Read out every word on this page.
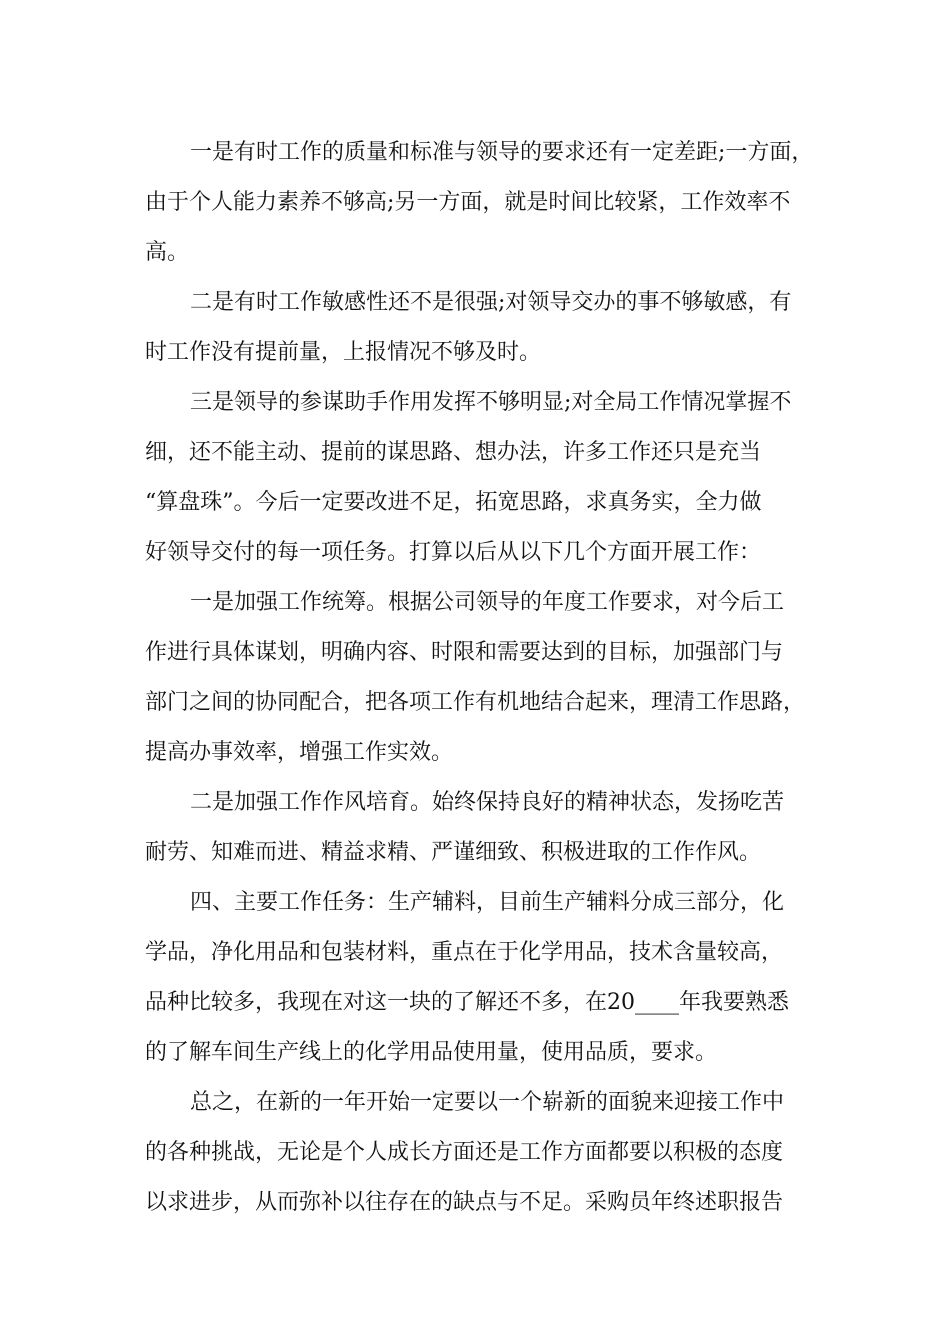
一是有时工作的质量和标准与领导的要求还有一定差距;一方面，
由于个人能力素养不够高;另一方面，就是时间比较紧，工作效率不
高。
二是有时工作敏感性还不是很强;对领导交办的事不够敏感，有
时工作没有提前量，上报情况不够及时。
三是领导的参谋助手作用发挥不够明显;对全局工作情况掌握不
细，还不能主动、提前的谋思路、想办法，许多工作还只是充当
“算盘珠”。今后一定要改进不足，拓宽思路，求真务实，全力做
好领导交付的每一项任务。打算以后从以下几个方面开展工作：
一是加强工作统筹。根据公司领导的年度工作要求，对今后工
作进行具体谋划，明确内容、时限和需要达到的目标，加强部门与
部门之间的协同配合，把各项工作有机地结合起来，理清工作思路，
提高办事效率，增强工作实效。
二是加强工作作风培育。始终保持良好的精神状态，发扬吃苦
耐劳、知难而进、精益求精、严谨细致、积极进取的工作作风。
四、主要工作任务：生产辅料，目前生产辅料分成三部分，化
学品，净化用品和包装材料，重点在于化学用品，技术含量较高，
品种比较多，我现在对这一块的了解还不多，在20____年我要熟悉
的了解车间生产线上的化学用品使用量，使用品质，要求。
总之，在新的一年开始一定要以一个崭新的面貌来迎接工作中
的各种挑战，无论是个人成长方面还是工作方面都要以积极的态度
以求进步，从而弥补以往存在的缺点与不足。采购员年终述职报告
